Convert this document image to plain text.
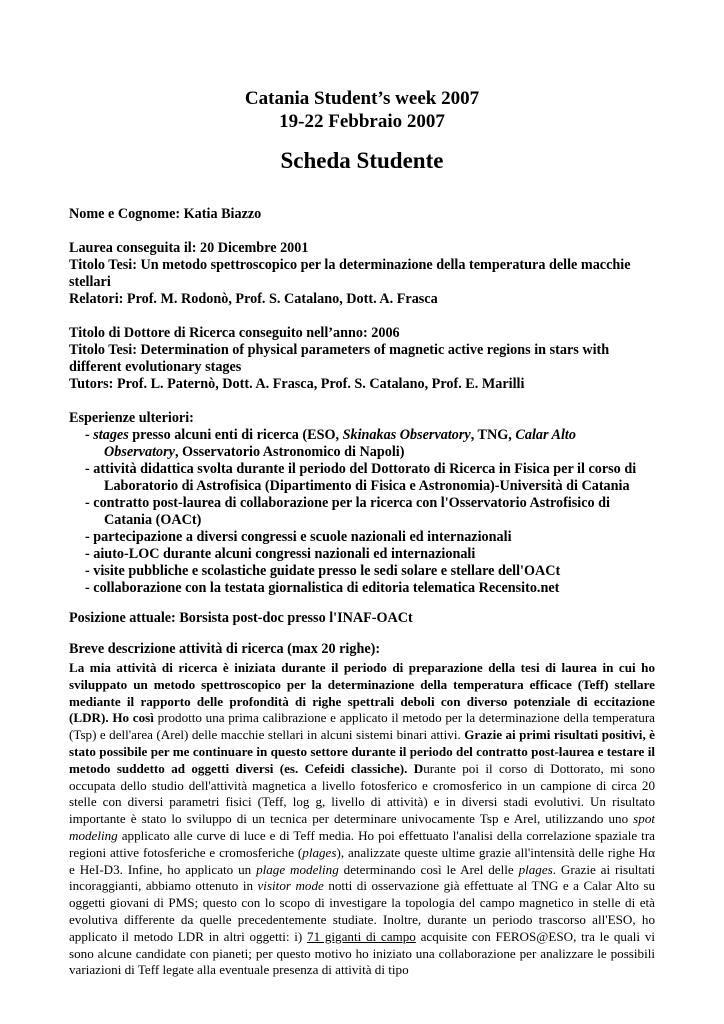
Catania Student’s week 2007
19-22 Febbraio 2007
Scheda Studente
Nome e Cognome: Katia Biazzo
Laurea conseguita il: 20 Dicembre 2001
Titolo Tesi: Un metodo spettroscopico per la determinazione della temperatura delle macchie
stellari
Relatori: Prof. M. Rodonò, Prof. S. Catalano, Dott. A. Frasca
Titolo di Dottore di Ricerca conseguito nell’anno: 2006
Titolo Tesi: Determination of physical parameters of magnetic active regions in stars with
different evolutionary stages
Tutors: Prof. L. Paternò, Dott. A. Frasca, Prof. S. Catalano, Prof. E. Marilli
Esperienze ulteriori:
- stages presso alcuni enti di ricerca (ESO, Skinakas Observatory, TNG, Calar Alto
Observatory, Osservatorio Astronomico di Napoli)
- attività didattica svolta durante il periodo del Dottorato di Ricerca in Fisica per il corso di
Laboratorio di Astrofisica (Dipartimento di Fisica e Astronomia)-Università di Catania
- contratto post-laurea di collaborazione per la ricerca con l'Osservatorio Astrofisico di
Catania (OACt)
- partecipazione a diversi congressi e scuole nazionali ed internazionali
- aiuto-LOC durante alcuni congressi nazionali ed internazionali
- visite pubbliche e scolastiche guidate presso le sedi solare e stellare dell'OACt
- collaborazione con la testata giornalistica di editoria telematica Recensito.net
Posizione attuale: Borsista post-doc presso l'INAF-OACt
Breve descrizione attività di ricerca (max 20 righe):
La mia attività di ricerca è iniziata durante il periodo di preparazione della tesi di laurea in cui ho sviluppato un metodo spettroscopico per la determinazione della temperatura efficace (Teff) stellare mediante il rapporto delle profondità di righe spettrali deboli con diverso potenziale di eccitazione (LDR). Ho così prodotto una prima calibrazione e applicato il metodo per la determinazione della temperatura (Tsp) e dell'area (Arel) delle macchie stellari in alcuni sistemi binari attivi. Grazie ai primi risultati positivi, è stato possibile per me continuare in questo settore durante il periodo del contratto post-laurea e testare il metodo suddetto ad oggetti diversi (es. Cefeidi classiche). Durante poi il corso di Dottorato, mi sono occupata dello studio dell'attività magnetica a livello fotosferico e cromosferico in un campione di circa 20 stelle con diversi parametri fisici (Teff, log g, livello di attività) e in diversi stadi evolutivi. Un risultato importante è stato lo sviluppo di un tecnica per determinare univocamente Tsp e Arel, utilizzando uno spot modeling applicato alle curve di luce e di Teff media. Ho poi effettuato l'analisi della correlazione spaziale tra regioni attive fotosferiche e cromosferiche (plages), analizzate queste ultime grazie all'intensità delle righe Hα e HeI-D3. Infine, ho applicato un plage modeling determinando così le Arel delle plages. Grazie ai risultati incoraggianti, abbiamo ottenuto in visitor mode notti di osservazione già effettuate al TNG e a Calar Alto su oggetti giovani di PMS; questo con lo scopo di investigare la topologia del campo magnetico in stelle di età evolutiva differente da quelle precedentemente studiate. Inoltre, durante un periodo trascorso all'ESO, ho applicato il metodo LDR in altri oggetti: i) 71 giganti di campo acquisite con FEROS@ESO, tra le quali vi sono alcune candidate con pianeti; per questo motivo ho iniziato una collaborazione per analizzare le possibili variazioni di Teff legate alla eventuale presenza di attività di tipo
